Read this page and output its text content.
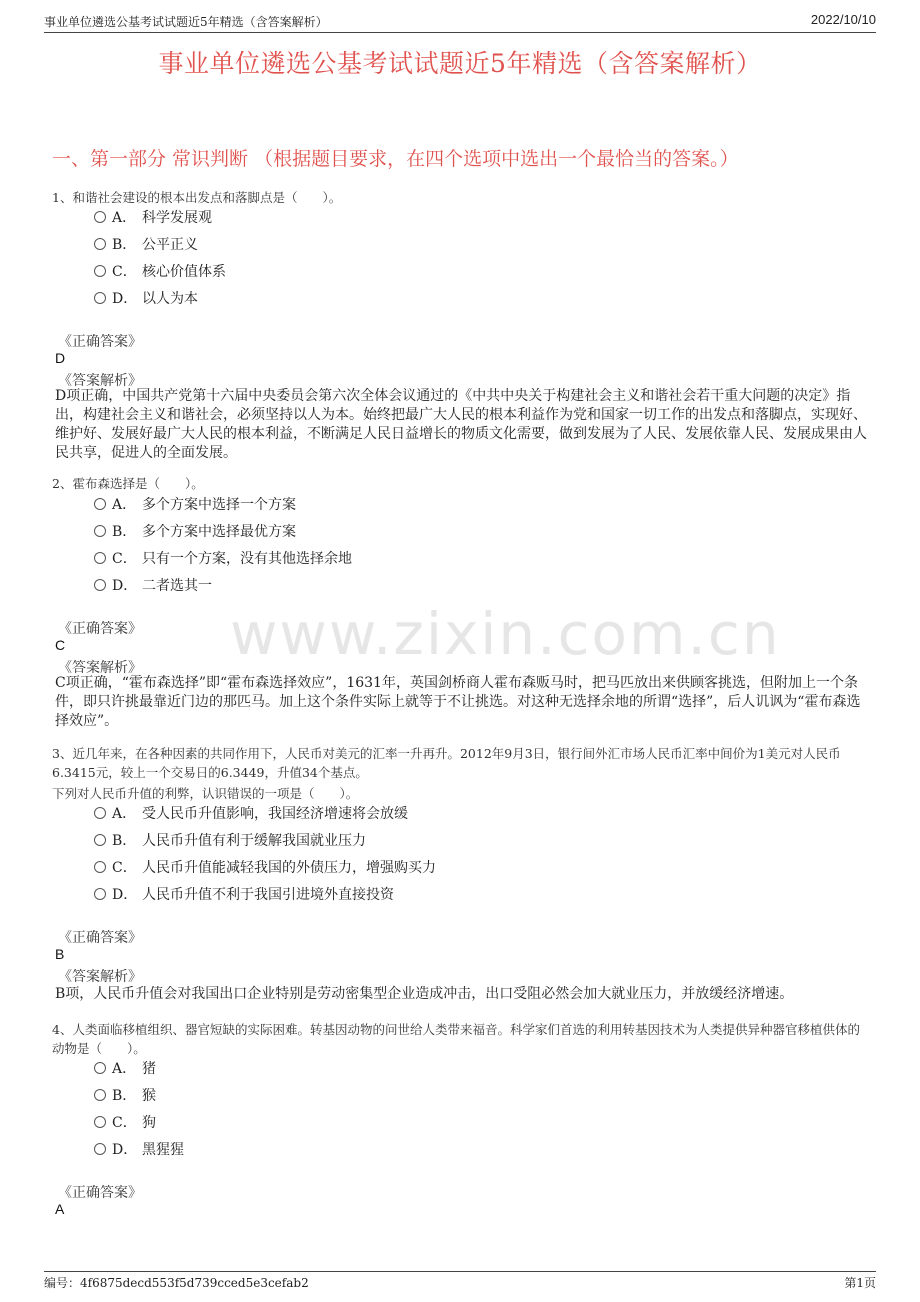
事业单位遴选公基考试试题近5年精选（含答案解析）	2022/10/10
事业单位遴选公基考试试题近5年精选（含答案解析）
一、第一部分 常识判断 （根据题目要求，在四个选项中选出一个最恰当的答案。）
www.zixin.com.cn
1、和谐社会建设的根本出发点和落脚点是（　　）。
A． 科学发展观
B． 公平正义
C． 核心价值体系
D． 以人为本
《正确答案》
D
《答案解析》
D项正确，中国共产党第十六届中央委员会第六次全体会议通过的《中共中央关于构建社会主义和谐社会若干重大问题的决定》指出，构建社会主义和谐社会，必须坚持以人为本。始终把最广大人民的根本利益作为党和国家一切工作的出发点和落脚点，实现好、维护好、发展好最广大人民的根本利益，不断满足人民日益增长的物质文化需要，做到发展为了人民、发展依靠人民、发展成果由人民共享，促进人的全面发展。
2、霍布森选择是（　　）。
A． 多个方案中选择一个方案
B． 多个方案中选择最优方案
C． 只有一个方案，没有其他选择余地
D． 二者选其一
《正确答案》
C
《答案解析》
C项正确，“霍布森选择”即“霍布森选择效应”，1631年，英国剑桥商人霍布森贩马时，把马匹放出来供顾客挑选，但附加上一个条件，即只许挑最靠近门边的那匹马。加上这个条件实际上就等于不让挑选。对这种无选择余地的所谓“选择”，后人讥讽为“霍布森选择效应”。
3、近几年来，在各种因素的共同作用下，人民币对美元的汇率一升再升。2012年9月3日，银行间外汇市场人民币汇率中间价为1美元对人民币6.3415元，较上一个交易日的6.3449，升值34个基点。
下列对人民币升值的利弊，认识错误的一项是（　　）。
A． 受人民币升值影响，我国经济增速将会放缓
B． 人民币升值有利于缓解我国就业压力
C． 人民币升值能减轻我国的外债压力，增强购买力
D． 人民币升值不利于我国引进境外直接投资
《正确答案》
B
《答案解析》
B项，人民币升值会对我国出口企业特别是劳动密集型企业造成冲击，出口受阻必然会加大就业压力，并放缓经济增速。
4、人类面临移植组织、器官短缺的实际困难。转基因动物的问世给人类带来福音。科学家们首选的利用转基因技术为人类提供异种器官移植供体的动物是（　　）。
A． 猪
B． 猴
C． 狗
D． 黑猩猩
《正确答案》
A
编号：4f6875decd553f5d739cced5e3cefab2	第1页
